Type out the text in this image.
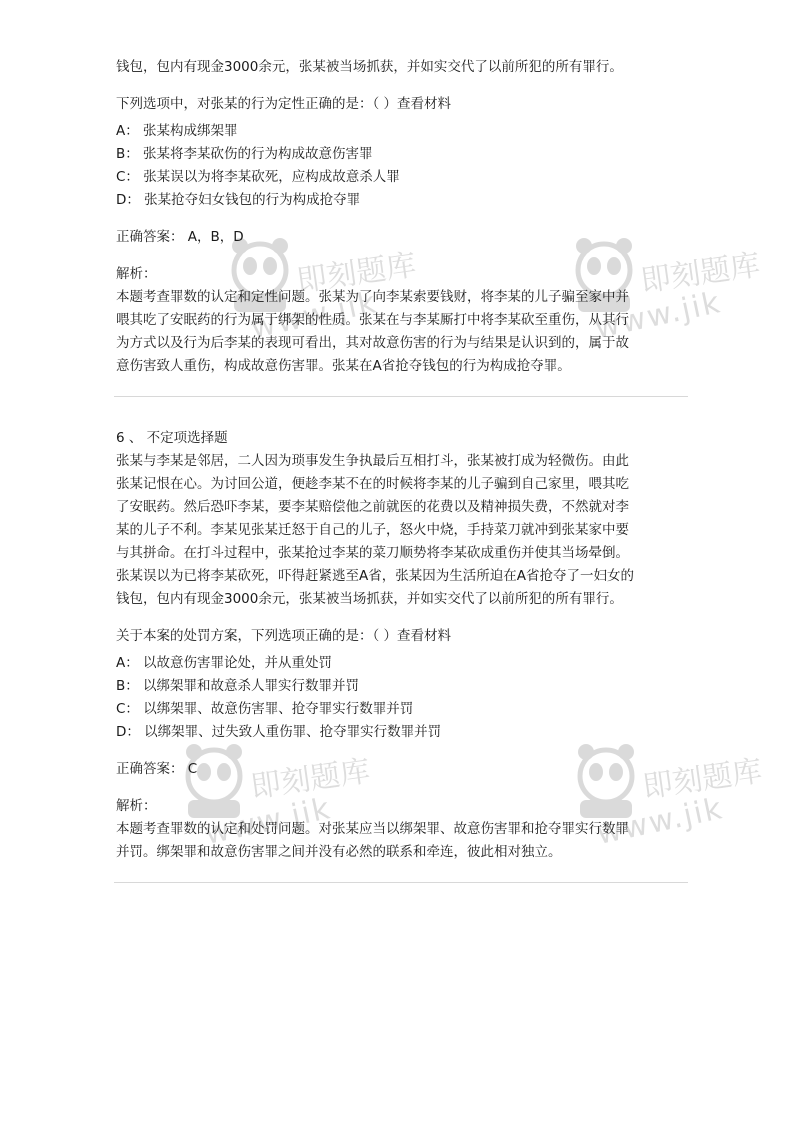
即刻题库
www.jik
即刻题库
www.jik
即刻题库
www.jik
即刻题库
www.jik

钱包，包内有现金3000余元，张某被当场抓获，并如实交代了以前所犯的所有罪行。

下列选项中，对张某的行为定性正确的是：（ ）查看材料

A： 张某构成绑架罪

B： 张某将李某砍伤的行为构成故意伤害罪

C： 张某误以为将李某砍死，应构成故意杀人罪

D： 张某抢夺妇女钱包的行为构成抢夺罪

正确答案： A，B，D

解析：

本题考查罪数的认定和定性问题。张某为了向李某索要钱财，将李某的儿子骗至家中并

喂其吃了安眠药的行为属于绑架的性质。张某在与李某厮打中将李某砍至重伤，从其行

为方式以及行为后李某的表现可看出，其对故意伤害的行为与结果是认识到的，属于故

意伤害致人重伤，构成故意伤害罪。张某在A省抢夺钱包的行为构成抢夺罪。

6 、 不定项选择题

张某与李某是邻居，二人因为琐事发生争执最后互相打斗，张某被打成为轻微伤。由此

张某记恨在心。为讨回公道，便趁李某不在的时候将李某的儿子骗到自己家里，喂其吃

了安眠药。然后恐吓李某，要李某赔偿他之前就医的花费以及精神损失费，不然就对李

某的儿子不利。李某见张某迁怒于自己的儿子，怒火中烧，手持菜刀就冲到张某家中要

与其拼命。在打斗过程中，张某抢过李某的菜刀顺势将李某砍成重伤并使其当场晕倒。

张某误以为已将李某砍死，吓得赶紧逃至A省，张某因为生活所迫在A省抢夺了一妇女的

钱包，包内有现金3000余元，张某被当场抓获，并如实交代了以前所犯的所有罪行。

关于本案的处罚方案，下列选项正确的是：（ ）查看材料

A： 以故意伤害罪论处，并从重处罚

B： 以绑架罪和故意杀人罪实行数罪并罚

C： 以绑架罪、故意伤害罪、抢夺罪实行数罪并罚

D： 以绑架罪、过失致人重伤罪、抢夺罪实行数罪并罚

正确答案： C

解析：

本题考查罪数的认定和处罚问题。对张某应当以绑架罪、故意伤害罪和抢夺罪实行数罪

并罚。绑架罪和故意伤害罪之间并没有必然的联系和牵连，彼此相对独立。
